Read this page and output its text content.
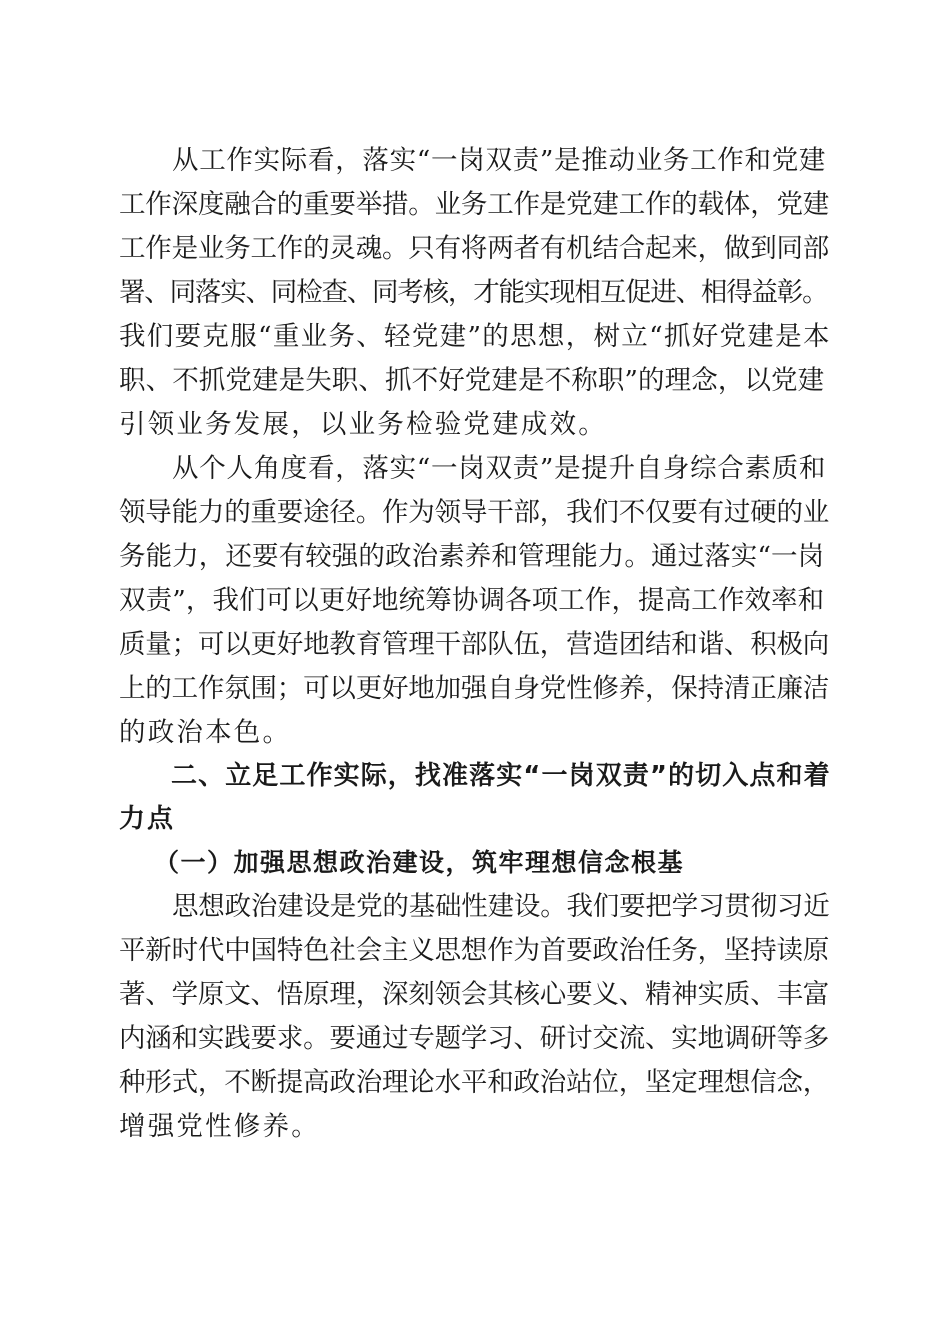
从工作实际看，落实“一岗双责”是推动业务工作和党建
工作深度融合的重要举措。业务工作是党建工作的载体，党建
工作是业务工作的灵魂。只有将两者有机结合起来，做到同部
署、同落实、同检查、同考核，才能实现相互促进、相得益彰。
我们要克服“重业务、轻党建”的思想，树立“抓好党建是本
职、不抓党建是失职、抓不好党建是不称职”的理念，以党建
引领业务发展，以业务检验党建成效。

从个人角度看，落实“一岗双责”是提升自身综合素质和
领导能力的重要途径。作为领导干部，我们不仅要有过硬的业
务能力，还要有较强的政治素养和管理能力。通过落实“一岗
双责”，我们可以更好地统筹协调各项工作，提高工作效率和
质量；可以更好地教育管理干部队伍，营造团结和谐、积极向
上的工作氛围；可以更好地加强自身党性修养，保持清正廉洁
的政治本色。

二、立足工作实际，找准落实“一岗双责”的切入点和着
力点

（一）加强思想政治建设，筑牢理想信念根基

思想政治建设是党的基础性建设。我们要把学习贯彻习近
平新时代中国特色社会主义思想作为首要政治任务，坚持读原
著、学原文、悟原理，深刻领会其核心要义、精神实质、丰富
内涵和实践要求。要通过专题学习、研讨交流、实地调研等多
种形式，不断提高政治理论水平和政治站位，坚定理想信念，
增强党性修养。
